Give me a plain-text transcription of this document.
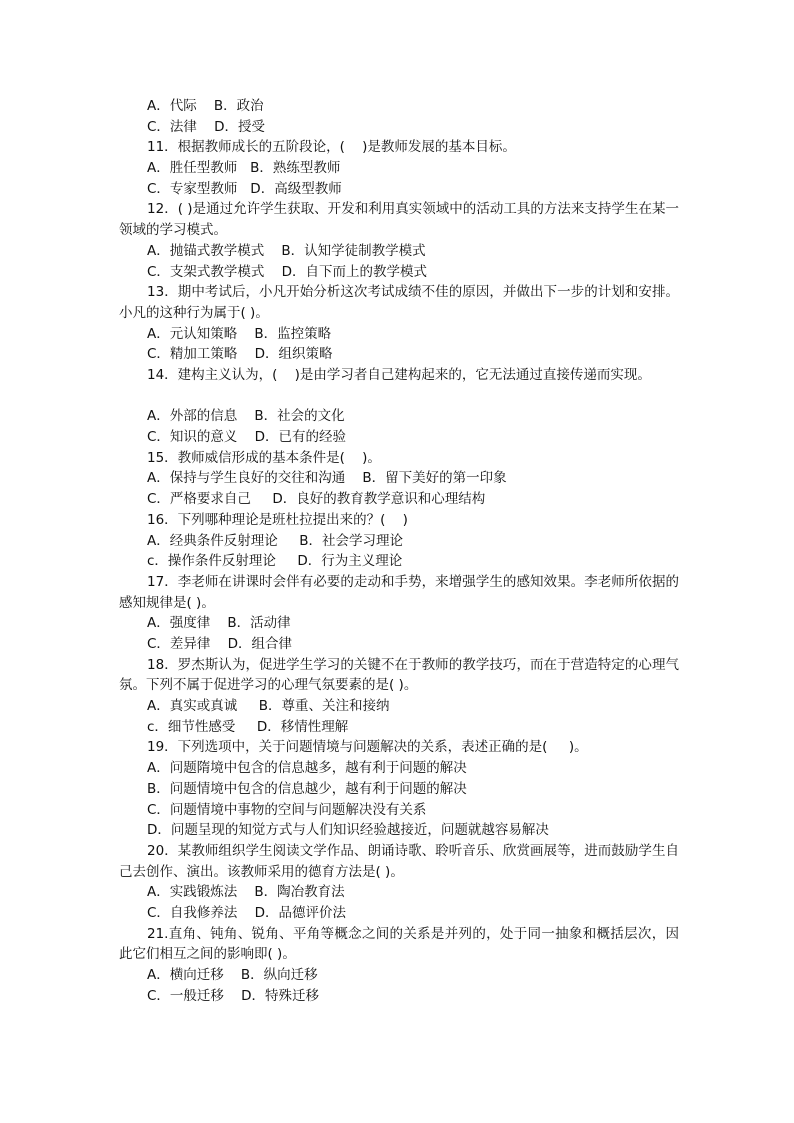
A．代际    B．政治
C．法律    D．授受
11．根据教师成长的五阶段论，(    )是教师发展的基本目标。
A．胜任型教师   B．熟练型教师
C．专家型教师   D．高级型教师
12．( )是通过允许学生获取、开发和利用真实领域中的活动工具的方法来支持学生在某一领域的学习模式。
A．抛锚式教学模式    B．认知学徒制教学模式
C．支架式教学模式    D．自下而上的教学模式
13．期中考试后，小凡开始分析这次考试成绩不佳的原因，并做出下一步的计划和安排。小凡的这种行为属于( )。
A．元认知策略    B．监控策略
C．精加工策略    D．组织策略
14．建构主义认为，(    )是由学习者自己建构起来的，它无法通过直接传递而实现。
A．外部的信息    B．社会的文化
C．知识的意义    D．已有的经验
15．教师威信形成的基本条件是(    )。
A．保持与学生良好的交往和沟通    B．留下美好的第一印象
C．严格要求自己     D．良好的教育教学意识和心理结构
16．下列哪种理论是班杜拉提出来的？(    )
A．经典条件反射理论     B．社会学习理论
c．操作条件反射理论     D．行为主义理论
17．李老师在讲课时会伴有必要的走动和手势，来增强学生的感知效果。李老师所依据的感知规律是( )。
A．强度律    B．活动律
C．差异律    D．组合律
18．罗杰斯认为，促进学生学习的关键不在于教师的教学技巧，而在于营造特定的心理气氛。下列不属于促进学习的心理气氛要素的是( )。
A．真实或真诚     B．尊重、关注和接纳
c．细节性感受     D．移情性理解
19．下列选项中，关于问题情境与问题解决的关系，表述正确的是(     )。
A．问题隋境中包含的信息越多，越有利于问题的解决
B．问题情境中包含的信息越少，越有利于问题的解决
C．问题情境中事物的空间与问题解决没有关系
D．问题呈现的知觉方式与人们知识经验越接近，问题就越容易解决
20．某教师组织学生阅读文学作品、朗诵诗歌、聆听音乐、欣赏画展等，进而鼓励学生自己去创作、演出。该教师采用的德育方法是( )。
A．实践锻炼法    B．陶冶教育法
C．自我修养法    D．品德评价法
21.直角、钝角、锐角、平角等概念之间的关系是并列的，处于同一抽象和概括层次，因此它们相互之间的影响即( )。
A．横向迁移    B．纵向迁移
C．一般迁移    D．特殊迁移
